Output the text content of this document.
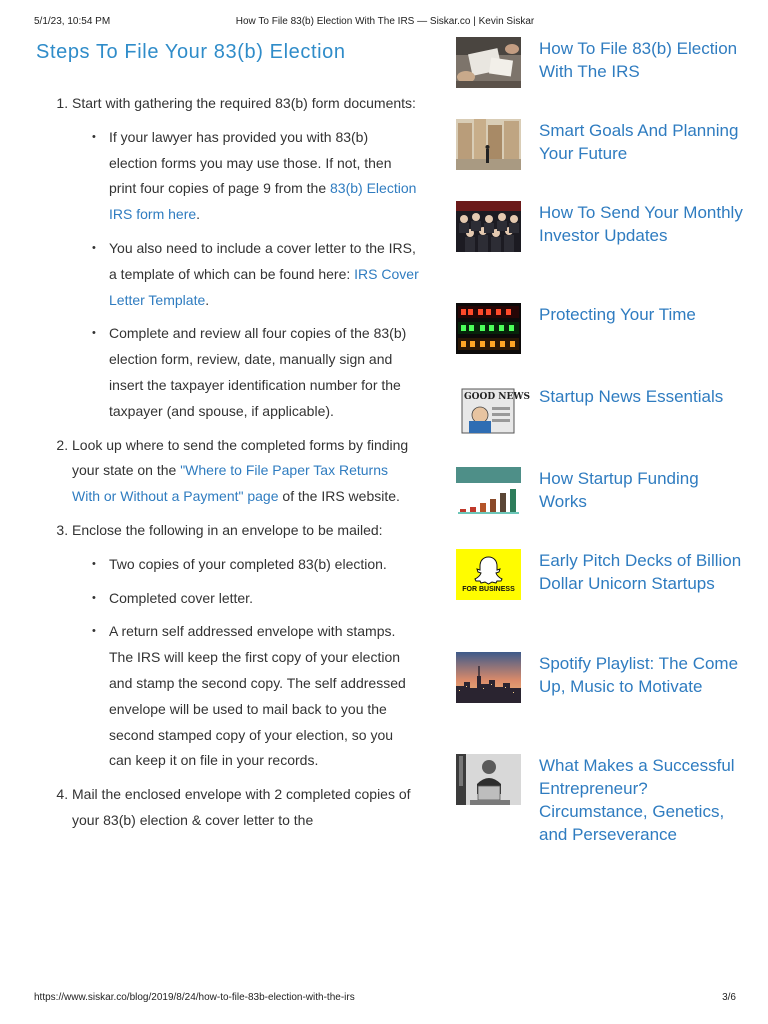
5/1/23, 10:54 PM	How To File 83(b) Election With The IRS — Siskar.co | Kevin Siskar
Steps To File Your 83(b) Election
1. Start with gathering the required 83(b) form documents:
• If your lawyer has provided you with 83(b) election forms you may use those. If not, then print four copies of page 9 from the 83(b) Election IRS form here.
• You also need to include a cover letter to the IRS, a template of which can be found here: IRS Cover Letter Template.
• Complete and review all four copies of the 83(b) election form, review, date, manually sign and insert the taxpayer identification number for the taxpayer (and spouse, if applicable).
2. Look up where to send the completed forms by finding your state on the "Where to File Paper Tax Returns With or Without a Payment" page of the IRS website.
3. Enclose the following in an envelope to be mailed:
• Two copies of your completed 83(b) election.
• Completed cover letter.
• A return self addressed envelope with stamps. The IRS will keep the first copy of your election and stamp the second copy. The self addressed envelope will be used to mail back to you the second stamped copy of your election, so you can keep it on file in your records.
4. Mail the enclosed envelope with 2 completed copies of your 83(b) election & cover letter to the
How To File 83(b) Election With The IRS
Smart Goals And Planning Your Future
How To Send Your Monthly Investor Updates
Protecting Your Time
GOOD NEWS Startup News Essentials
How Startup Funding Works
FOR BUSINESS
Early Pitch Decks of Billion Dollar Unicorn Startups
Spotify Playlist: The Come Up, Music to Motivate
What Makes a Successful Entrepreneur? Circumstance, Genetics, and Perseverance
https://www.siskar.co/blog/2019/8/24/how-to-file-83b-election-with-the-irs	3/6
